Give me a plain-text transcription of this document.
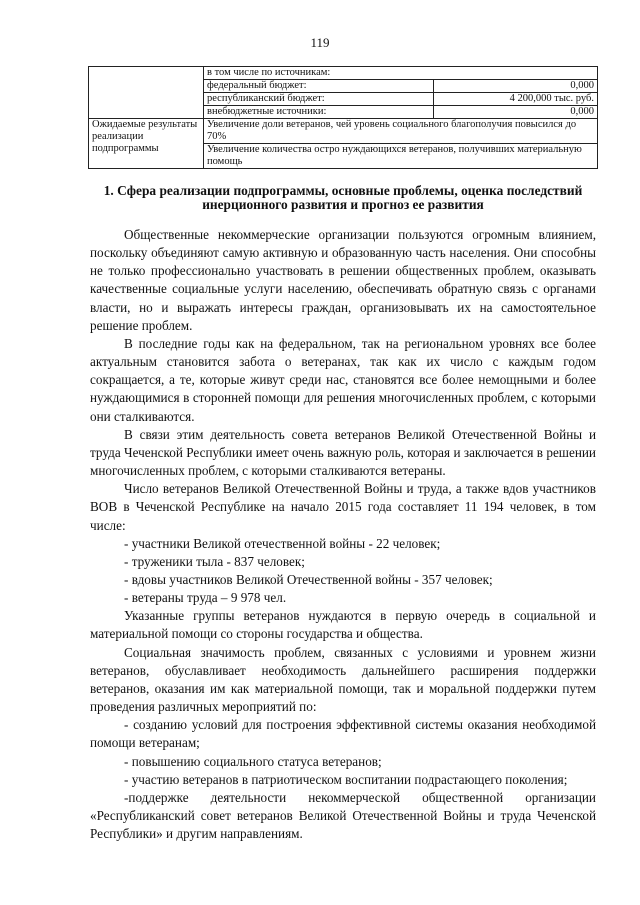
119
	в том числе по источникам:	
	федеральный бюджет:	0,000
	республиканский бюджет:	4 200,000 тыс. руб.
	внебюджетные источники:	0,000
Ожидаемые результаты реализации подпрограммы	Увеличение доли ветеранов, чей уровень социального благополучия повысился до 70%	
	Увеличение количества остро нуждающихся ветеранов, получивших материальную помощь	
1. Сфера реализации подпрограммы, основные проблемы, оценка последствий инерционного развития и прогноз ее развития

Общественные некоммерческие организации пользуются огромным влиянием, поскольку объединяют самую активную и образованную часть населения. Они способны не только профессионально участвовать в решении общественных проблем, оказывать качественные социальные услуги населению, обеспечивать обратную связь с органами власти, но и выражать интересы граждан, организовывать их на самостоятельное решение проблем.

В последние годы как на федеральном, так на региональном уровнях все более актуальным становится забота о ветеранах, так как их число с каждым годом сокращается, а те, которые живут среди нас, становятся все более немощными и более нуждающимися в сторонней помощи для решения многочисленных проблем, с которыми они сталкиваются.

В связи этим деятельность совета ветеранов Великой Отечественной Войны и труда Чеченской Республики имеет очень важную роль, которая и заключается в решении многочисленных проблем, с которыми сталкиваются ветераны.

Число ветеранов Великой Отечественной Войны и труда, а также вдов участников ВОВ в Чеченской Республике на начало 2015 года составляет 11 194 человек, в том числе:

- участники Великой отечественной войны - 22 человек;

- труженики тыла - 837 человек;

- вдовы участников Великой Отечественной войны - 357 человек;

- ветераны труда – 9 978 чел.

Указанные группы ветеранов нуждаются в первую очередь в социальной и материальной помощи со стороны государства и общества.

Социальная значимость проблем, связанных с условиями и уровнем жизни ветеранов, обуславливает необходимость дальнейшего расширения поддержки ветеранов, оказания им как материальной помощи, так и моральной поддержки путем проведения различных мероприятий по:

- созданию условий для построения эффективной системы оказания необходимой помощи ветеранам;

- повышению социального статуса ветеранов;

- участию ветеранов в патриотическом воспитании подрастающего поколения;

-поддержке деятельности некоммерческой общественной организации «Республиканский совет ветеранов Великой Отечественной Войны и труда Чеченской Республики» и другим направлениям.
